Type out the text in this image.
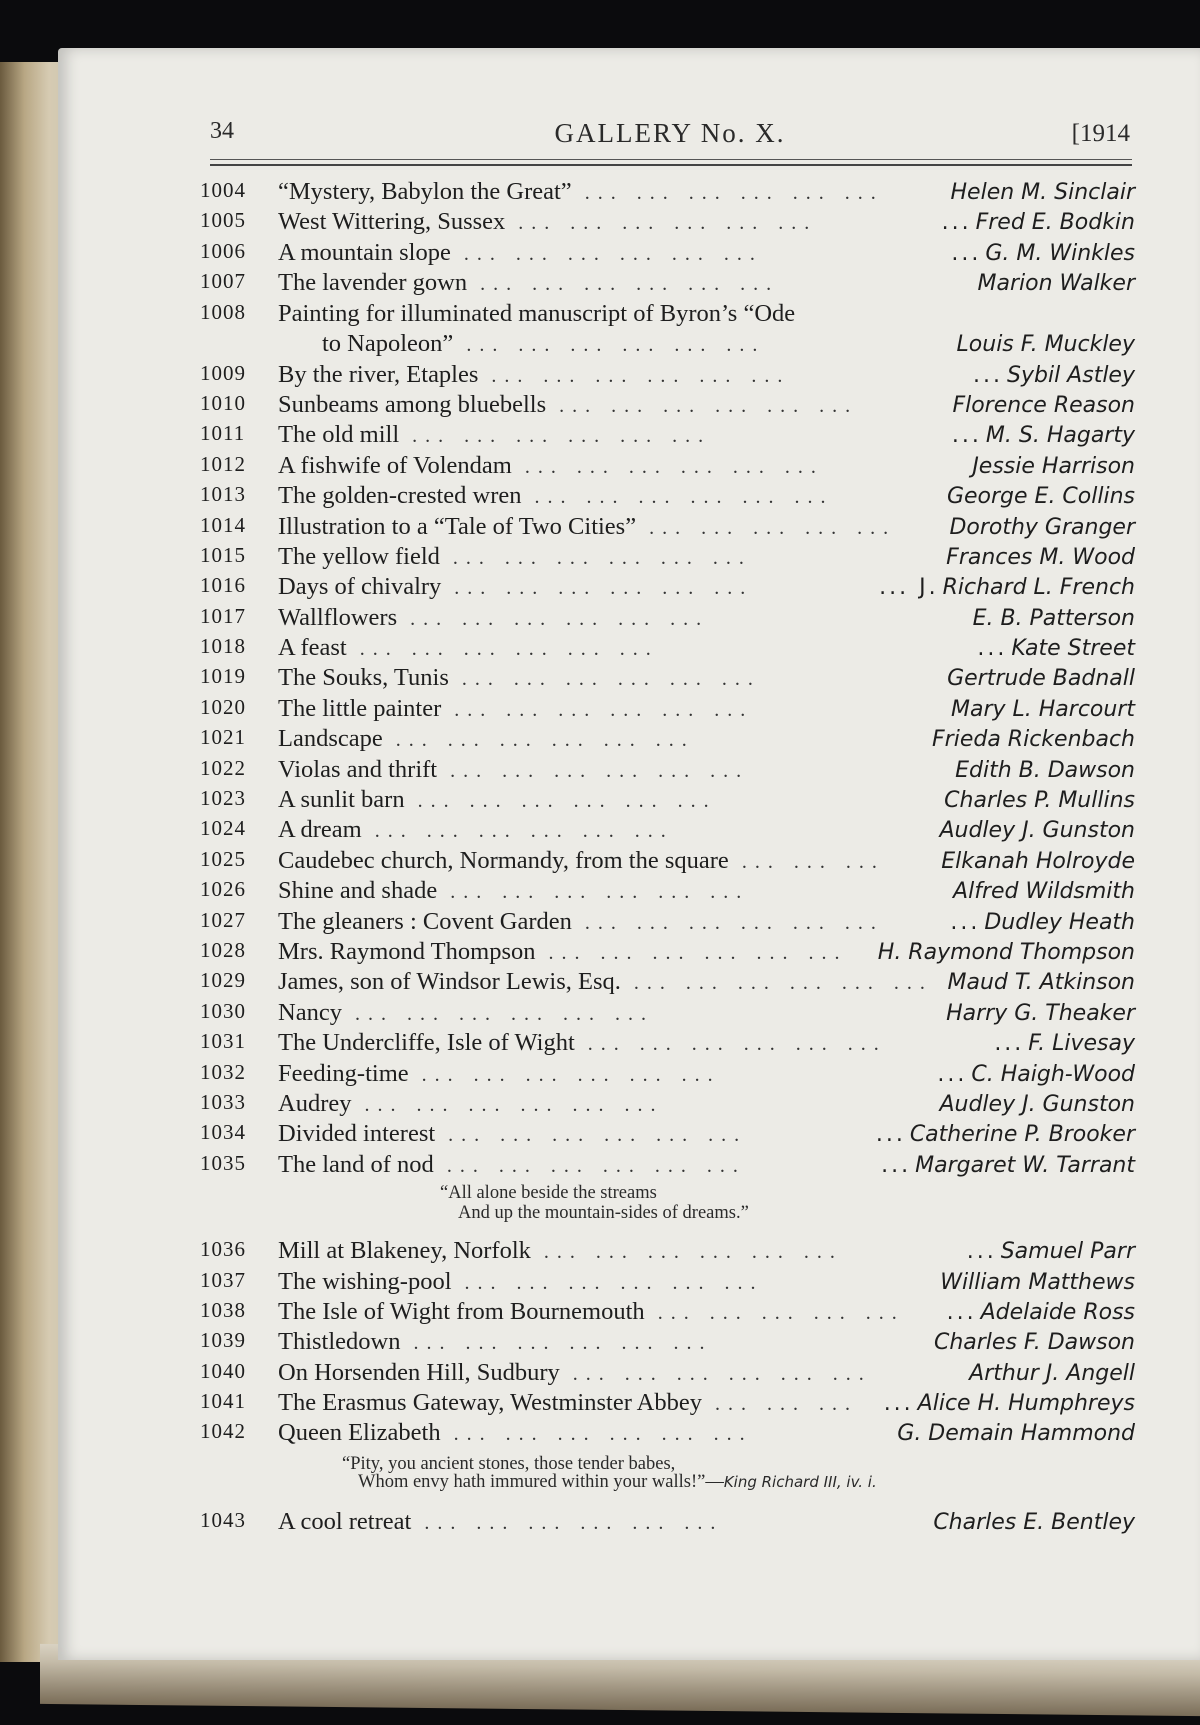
34	GALLERY No. X.	[1914
1004	“Mystery, Babylon the Great” ... ... ... ... ... ...	Helen M. Sinclair
1005	West Wittering, Sussex ... ... ... ... ... ...	... Fred E. Bodkin
1006	A mountain slope ... ... ... ... ... ...	... G. M. Winkles
1007	The lavender gown ... ... ... ... ... ...	Marion Walker
1008	Painting for illuminated manuscript of Byron’s “Ode
to Napoleon” ... ... ... ... ... ...	Louis F. Muckley
1009	By the river, Etaples ... ... ... ... ... ...	... Sybil Astley
1010	Sunbeams among bluebells ... ... ... ... ... ...	Florence Reason
1011	The old mill ... ... ... ... ... ...	... M. S. Hagarty
1012	A fishwife of Volendam ... ... ... ... ... ...	Jessie Harrison
1013	The golden-crested wren ... ... ... ... ... ...	George E. Collins
1014	Illustration to a “Tale of Two Cities” ... ... ... ... ... Dorothy Granger
1015	The yellow field ... ... ... ... ... ...	Frances M. Wood
1016	Days of chivalry ... ... ... ... ... ...	... J. Richard L. French
1017	Wallflowers ... ... ... ... ... ...	E. B. Patterson
1018	A feast ... ... ... ... ... ...	... Kate Street
1019	The Souks, Tunis ... ... ... ... ... ...	Gertrude Badnall
1020	The little painter ... ... ... ... ... ...	Mary L. Harcourt
1021	Landscape ... ... ... ... ... ...	Frieda Rickenbach
1022	Violas and thrift ... ... ... ... ... ...	Edith B. Dawson
1023	A sunlit barn ... ... ... ... ... ...	Charles P. Mullins
1024	A dream ... ... ... ... ... ...	Audley J. Gunston
1025	Caudebec church, Normandy, from the square ... ... ...	Elkanah Holroyde
1026	Shine and shade ... ... ... ... ... ...	Alfred Wildsmith
1027	The gleaners : Covent Garden ... ... ... ... ... ...	... Dudley Heath
1028	Mrs. Raymond Thompson ... ... ... ... ... ... H. Raymond Thompson
1029	James, son of Windsor Lewis, Esq. ... ... ... ... ... ... Maud T. Atkinson
1030	Nancy ... ... ... ... ... ...	Harry G. Theaker
1031	The Undercliffe, Isle of Wight ... ... ... ... ... ...	... F. Livesay
1032	Feeding-time ... ... ... ... ... ...	... C. Haigh-Wood
1033	Audrey ... ... ... ... ... ...	Audley J. Gunston
1034	Divided interest ... ... ... ... ... ...	... Catherine P. Brooker
1035	The land of nod ... ... ... ... ... ...	... Margaret W. Tarrant
“All alone beside the streams
And up the mountain-sides of dreams.”
1036	Mill at Blakeney, Norfolk ... ... ... ... ... ...	... Samuel Parr
1037	The wishing-pool ... ... ... ... ... ...	William Matthews
1038	The Isle of Wight from Bournemouth ... ... ... ... ... ... Adelaide Ross
1039	Thistledown ... ... ... ... ... ...	Charles F. Dawson
1040	On Horsenden Hill, Sudbury ... ... ... ... ... ...	Arthur J. Angell
1041	The Erasmus Gateway, Westminster Abbey ... ... ... ... Alice H. Humphreys
1042	Queen Elizabeth ... ... ... ... ... ...	G. Demain Hammond
“Pity, you ancient stones, those tender babes,
Whom envy hath immured within your walls!”—King Richard III, iv. i.
1043	A cool retreat ... ... ... ... ... ...	Charles E. Bentley
